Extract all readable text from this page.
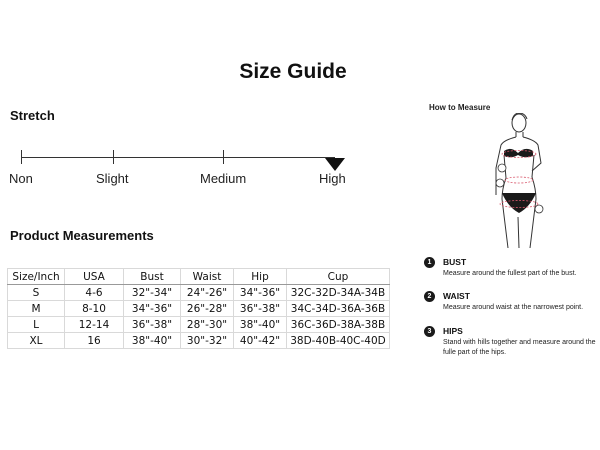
Size Guide
Stretch
Non	Slight	Medium	High
Product Measurements
Size/Inch	USA	Bust	Waist	Hip	Cup
S	4-6	32"-34"	24"-26"	34"-36"	32C-32D-34A-34B
M	8-10	34"-36"	26"-28"	36"-38"	34C-34D-36A-36B
L	12-14	36"-38"	28"-30"	38"-40"	36C-36D-38A-38B
XL	16	38"-40"	30"-32"	40"-42"	38D-40B-40C-40D
How to Measure
1	BUST
Measure around the fullest part of the bust.
2	WAIST
Measure around waist at the narrowest point.
3	HIPS
Stand with hills together and measure around the fulle part of the hips.
